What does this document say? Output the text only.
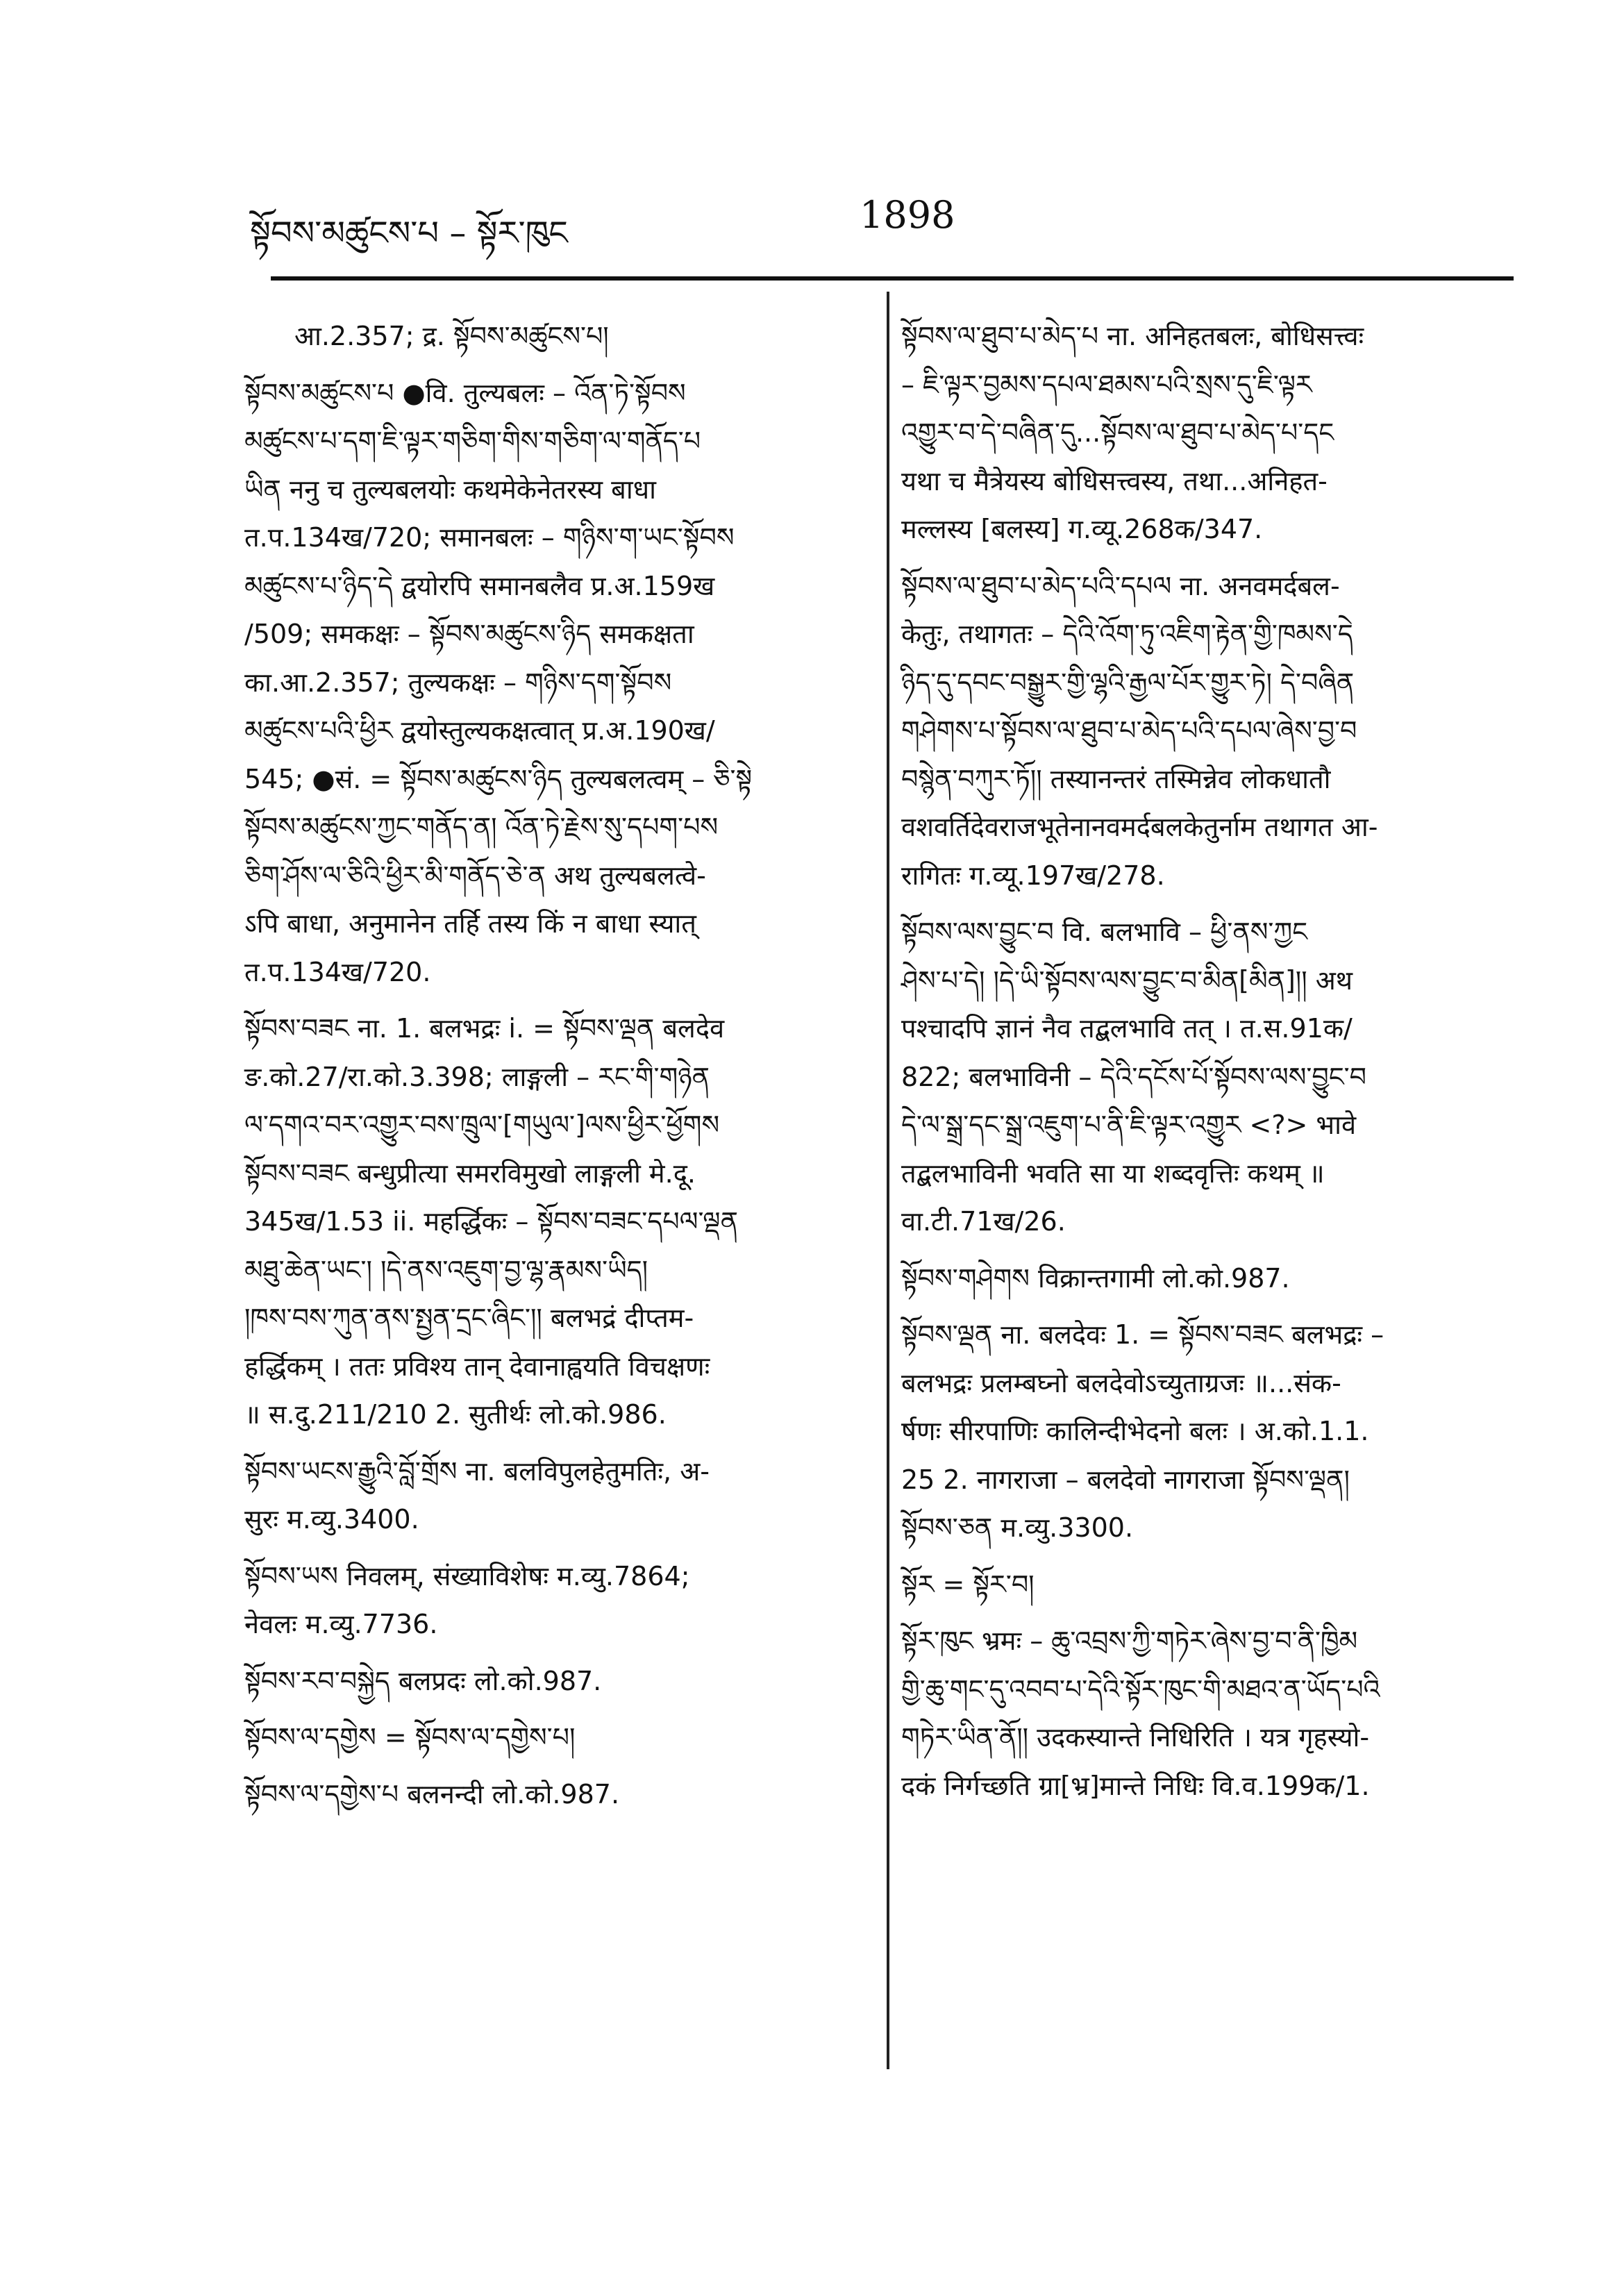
སྟོབས་མཚུངས་པ – སྟོར་ཁུང	1898
आ.2.357; द्र. སྟོབས་མཚུངས་པ།
སྟོབས་མཚུངས་པ ●वि. तुल्यबलः – འོན་ཏེ་སྟོབས
མཚུངས་པ་དག་ཇི་ལྟར་གཅིག་གིས་གཅིག་ལ་གནོད་པ
ཡིན ननु च तुल्यबलयोः कथमेकेनेतरस्य बाधा
त.प.134ख/720; समानबलः – གཉིས་ག་ཡང་སྟོབས
མཚུངས་པ་ཉིད་དེ द्वयोरपि समानबलैव प्र.अ.159ख
/509; समकक्षः – སྟོབས་མཚུངས་ཉིད समकक्षता
का.आ.2.357; तुल्यकक्षः – གཉིས་དག་སྟོབས
མཚུངས་པའི་ཕྱིར द्वयोस्तुल्यकक्षत्वात् प्र.अ.190ख/
545; ●सं. = སྟོབས་མཚུངས་ཉིད तुल्यबलत्वम् – ཅི་སྟེ
སྟོབས་མཚུངས་ཀྱང་གནོད་ན། འོན་ཏེ་རྗེས་སུ་དཔག་པས
ཅིག་ཤོས་ལ་ཅིའི་ཕྱིར་མི་གནོད་ཅེ་ན अथ तुल्यबलत्वे-
ऽपि बाधा, अनुमानेन तर्हि तस्य किं न बाधा स्यात्
त.प.134ख/720.
སྟོབས་བཟང ना. 1. बलभद्रः i. = སྟོབས་ལྡན बलदेव
ङ.को.27/रा.को.3.398; लाङ्गली – རང་གི་གཉེན
ལ་དགའ་བར་འགྱུར་བས་ཁྲུལ་[གཡུལ་]ལས་ཕྱིར་ཕྱོགས
སྟོབས་བཟང बन्धुप्रीत्या समरविमुखो लाङ्गली मे.दू.
345ख/1.53 ii. महर्द्धिकः – སྟོབས་བཟང་དཔལ་ལྡན
མཐུ་ཆེན་ཡང་། །དེ་ནས་འཇུག་བྱ་ལྷ་རྣམས་ཡིད།
།ཁས་བས་ཀུན་ནས་སྤྱན་དྲང་ཞིང་།། बलभद्रं दीप्तम-
हर्द्धिकम् । ततः प्रविश्य तान् देवानाह्वयति विचक्षणः
॥ स.दु.211/210 2. सुतीर्थः लो.को.986.
སྟོབས་ཡངས་རྒྱུའི་བློ་གྲོས ना. बलविपुलहेतुमतिः, अ-
सुरः म.व्यु.3400.
སྟོབས་ཡས निवलम्, संख्याविशेषः म.व्यु.7864;
नेवलः म.व्यु.7736.
སྟོབས་རབ་བསྐྱེད बलप्रदः लो.को.987.
སྟོབས་ལ་དགྱེས = སྟོབས་ལ་དགྱེས་པ།
སྟོབས་ལ་དགྱེས་པ बलनन्दी लो.को.987.
སྟོབས་ལ་ཐུབ་པ་མེད་པ ना. अनिहतबलः, बोधिसत्त्वः
– ཇི་ལྟར་བྱམས་དཔལ་ཐམས་པའི་སྲས་དུ་ཇི་ལྟར
འགྱུར་བ་དེ་བཞིན་དུ...སྟོབས་ལ་ཐུབ་པ་མེད་པ་དང
यथा च मैत्रेयस्य बोधिसत्त्वस्य, तथा...अनिहत-
मल्लस्य [बलस्य] ग.व्यू.268क/347.
སྟོབས་ལ་ཐུབ་པ་མེད་པའི་དཔལ ना. अनवमर्दबल-
केतुः, तथागतः – དེའི་འོག་ཏུ་འཇིག་རྟེན་གྱི་ཁམས་དེ
ཉིད་དུ་དབང་བསྒྱུར་གྱི་ལྷའི་རྒྱལ་པོར་གྱུར་ཏེ། དེ་བཞིན
གཤེགས་པ་སྟོབས་ལ་ཐུབ་པ་མེད་པའི་དཔལ་ཞེས་བྱ་བ
བསྙེན་བཀུར་ཏོ།། तस्यानन्तरं तस्मिन्नेव लोकधातौ
वशवर्तिदेवराजभूतेनानवमर्दबलकेतुर्नाम तथागत आ-
रागितः ग.व्यू.197ख/278.
སྟོབས་ལས་བྱུང་བ वि. बलभावि – ཕྱི་ནས་ཀྱང
ཤེས་པ་དེ། །དེ་ཡི་སྟོབས་ལས་བྱུང་བ་མིན[མིན]།། अथ
पश्चादपि ज्ञानं नैव तद्बलभावि तत् । त.स.91क/
822; बलभाविनी – དེའི་དངོས་པོ་སྟོབས་ལས་བྱུང་བ
དེ་ལ་སྒྲ་དང་སྒྲ་འཇུག་པ་ནི་ཇི་ལྟར་འགྱུར <?> भावे
तद्बलभाविनी भवति सा या शब्दवृत्तिः कथम् ॥
वा.टी.71ख/26.
སྟོབས་གཤེགས विक्रान्तगामी लो.को.987.
སྟོབས་ལྡན ना. बलदेवः 1. = སྟོབས་བཟང बलभद्रः –
बलभद्रः प्रलम्बघ्नो बलदेवोऽच्युताग्रजः ॥...संक-
र्षणः सीरपाणिः कालिन्दीभेदनो बलः । अ.को.1.1.
25 2. नागराजा – बलदेवो नागराजा སྟོབས་ལྡན།
སྟོབས་ཅན म.व्यु.3300.
སྟོར = སྟོར་བ།
སྟོར་ཁུང भ्रमः – ཆུ་འབྲས་ཀྱི་གཏེར་ཞེས་བྱ་བ་ནི་ཁྱིམ
གྱི་ཆུ་གང་དུ་འབབ་པ་དེའི་སྟོར་ཁུང་གི་མཐའ་ན་ཡོད་པའི
གཏེར་ཡིན་ནོ།། उदकस्यान्ते निधिरिति । यत्र गृहस्यो-
दकं निर्गच्छति ग्रा[भ्र]मान्ते निधिः वि.व.199क/1.
